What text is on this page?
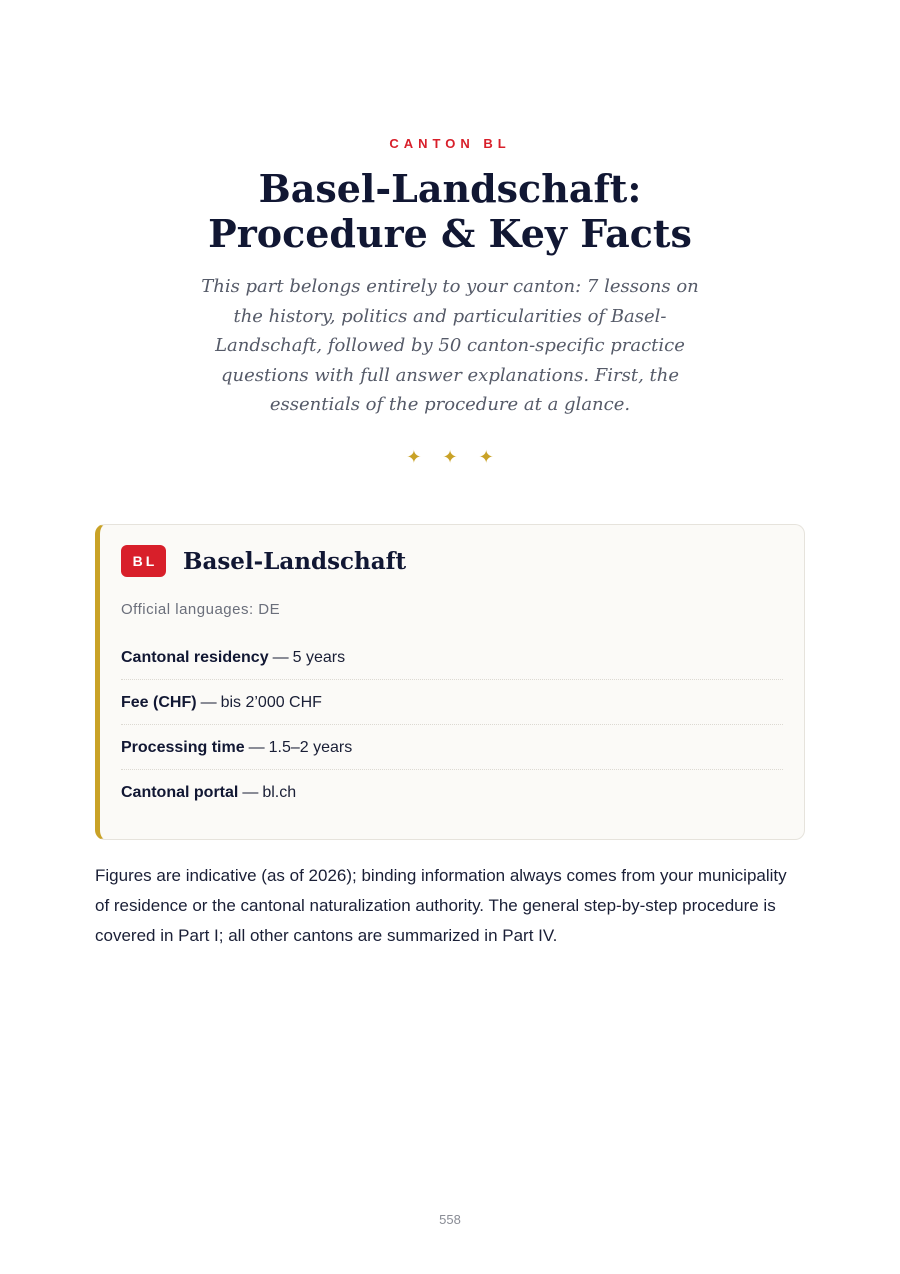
CANTON BL
Basel-Landschaft:
Procedure & Key Facts

This part belongs entirely to your canton: 7 lessons on the history, politics and particularities of Basel-Landschaft, followed by 50 canton-specific practice questions with full answer explanations. First, the essentials of the procedure at a glance.

✦ ✦ ✦
BL	Basel-Landschaft
Official languages: DE
Cantonal residency — 5 years
Fee (CHF) — bis 2’000 CHF
Processing time — 1.5–2 years
Cantonal portal — bl.ch

Figures are indicative (as of 2026); binding information always comes from your municipality of residence or the cantonal naturalization authority. The general step-by-step procedure is covered in Part I; all other cantons are summarized in Part IV.

558
